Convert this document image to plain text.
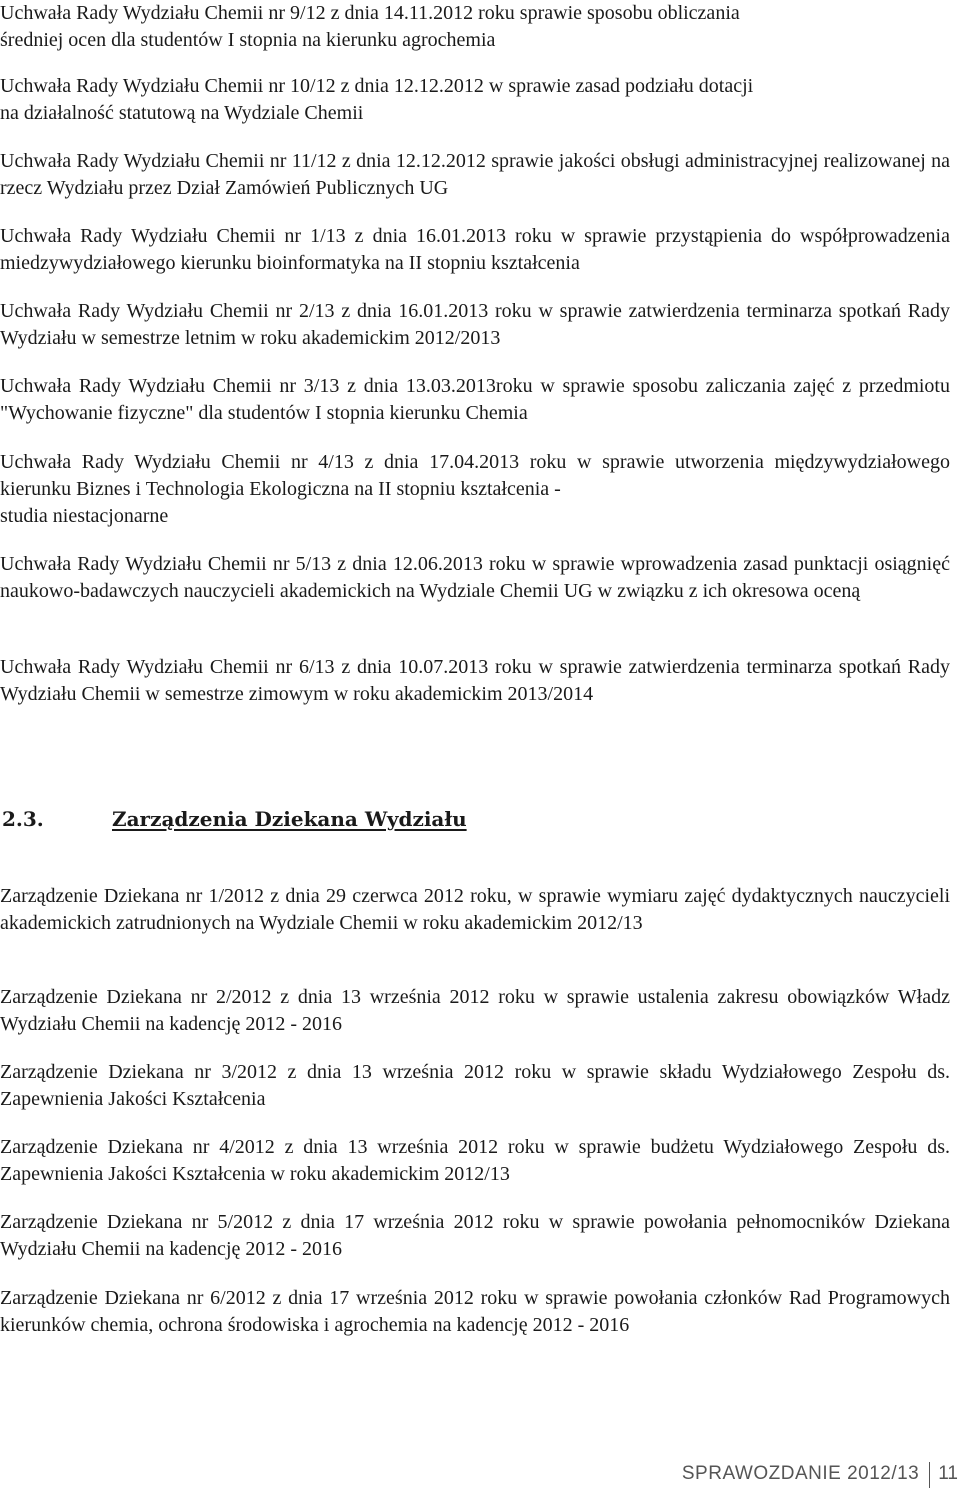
Uchwała Rady Wydziału Chemii nr 9/12 z dnia 14.11.2012 roku sprawie sposobu obliczania
średniej ocen dla studentów I stopnia na kierunku agrochemia

Uchwała Rady Wydziału Chemii nr 10/12 z dnia 12.12.2012 w sprawie zasad podziału dotacji
na działalność statutową na Wydziale Chemii

Uchwała Rady Wydziału Chemii nr 11/12 z dnia 12.12.2012 sprawie jakości obsługi administracyjnej realizowanej na rzecz Wydziału przez Dział Zamówień Publicznych UG

Uchwała Rady Wydziału Chemii nr 1/13 z dnia 16.01.2013 roku w sprawie przystąpienia do współprowadzenia miedzywydziałowego kierunku bioinformatyka na II stopniu kształcenia

Uchwała Rady Wydziału Chemii nr 2/13 z dnia 16.01.2013 roku w sprawie zatwierdzenia terminarza spotkań Rady Wydziału w semestrze letnim w roku akademickim 2012/2013

Uchwała Rady Wydziału Chemii nr 3/13 z dnia 13.03.2013roku w sprawie sposobu zaliczania zajęć z przedmiotu "Wychowanie fizyczne" dla studentów I stopnia kierunku Chemia

Uchwała Rady Wydziału Chemii nr 4/13 z dnia 17.04.2013 roku w sprawie utworzenia międzywydziałowego kierunku Biznes i Technologia Ekologiczna na II stopniu kształcenia -
studia niestacjonarne

Uchwała Rady Wydziału Chemii nr 5/13 z dnia 12.06.2013 roku w sprawie wprowadzenia zasad punktacji osiągnięć naukowo-badawczych nauczycieli akademickich na Wydziale Chemii UG w związku z ich okresowa oceną

Uchwała Rady Wydziału Chemii nr 6/13 z dnia 10.07.2013 roku w sprawie zatwierdzenia terminarza spotkań Rady Wydziału Chemii w semestrze zimowym w roku akademickim 2013/2014

2.3.	Zarządzenia Dziekana Wydziału

Zarządzenie Dziekana nr 1/2012 z dnia 29 czerwca 2012 roku, w sprawie wymiaru zajęć dydaktycznych nauczycieli akademickich zatrudnionych na Wydziale Chemii w roku akademickim 2012/13

Zarządzenie Dziekana nr 2/2012 z dnia 13 września 2012 roku w sprawie ustalenia zakresu obowiązków Władz Wydziału Chemii na kadencję 2012 - 2016

Zarządzenie Dziekana nr 3/2012 z dnia 13 września 2012 roku w sprawie składu Wydziałowego Zespołu ds. Zapewnienia Jakości Kształcenia

Zarządzenie Dziekana nr 4/2012 z dnia 13 września 2012 roku w sprawie budżetu Wydziałowego Zespołu ds. Zapewnienia Jakości Kształcenia w roku akademickim 2012/13

Zarządzenie Dziekana nr 5/2012 z dnia 17 września 2012 roku w sprawie powołania pełnomocników Dziekana Wydziału Chemii na kadencję 2012 - 2016

Zarządzenie Dziekana nr 6/2012 z dnia 17 września 2012 roku w sprawie powołania członków Rad Programowych kierunków chemia, ochrona środowiska i agrochemia na kadencję 2012 - 2016

SPRAWOZDANIE 2012/13	11
